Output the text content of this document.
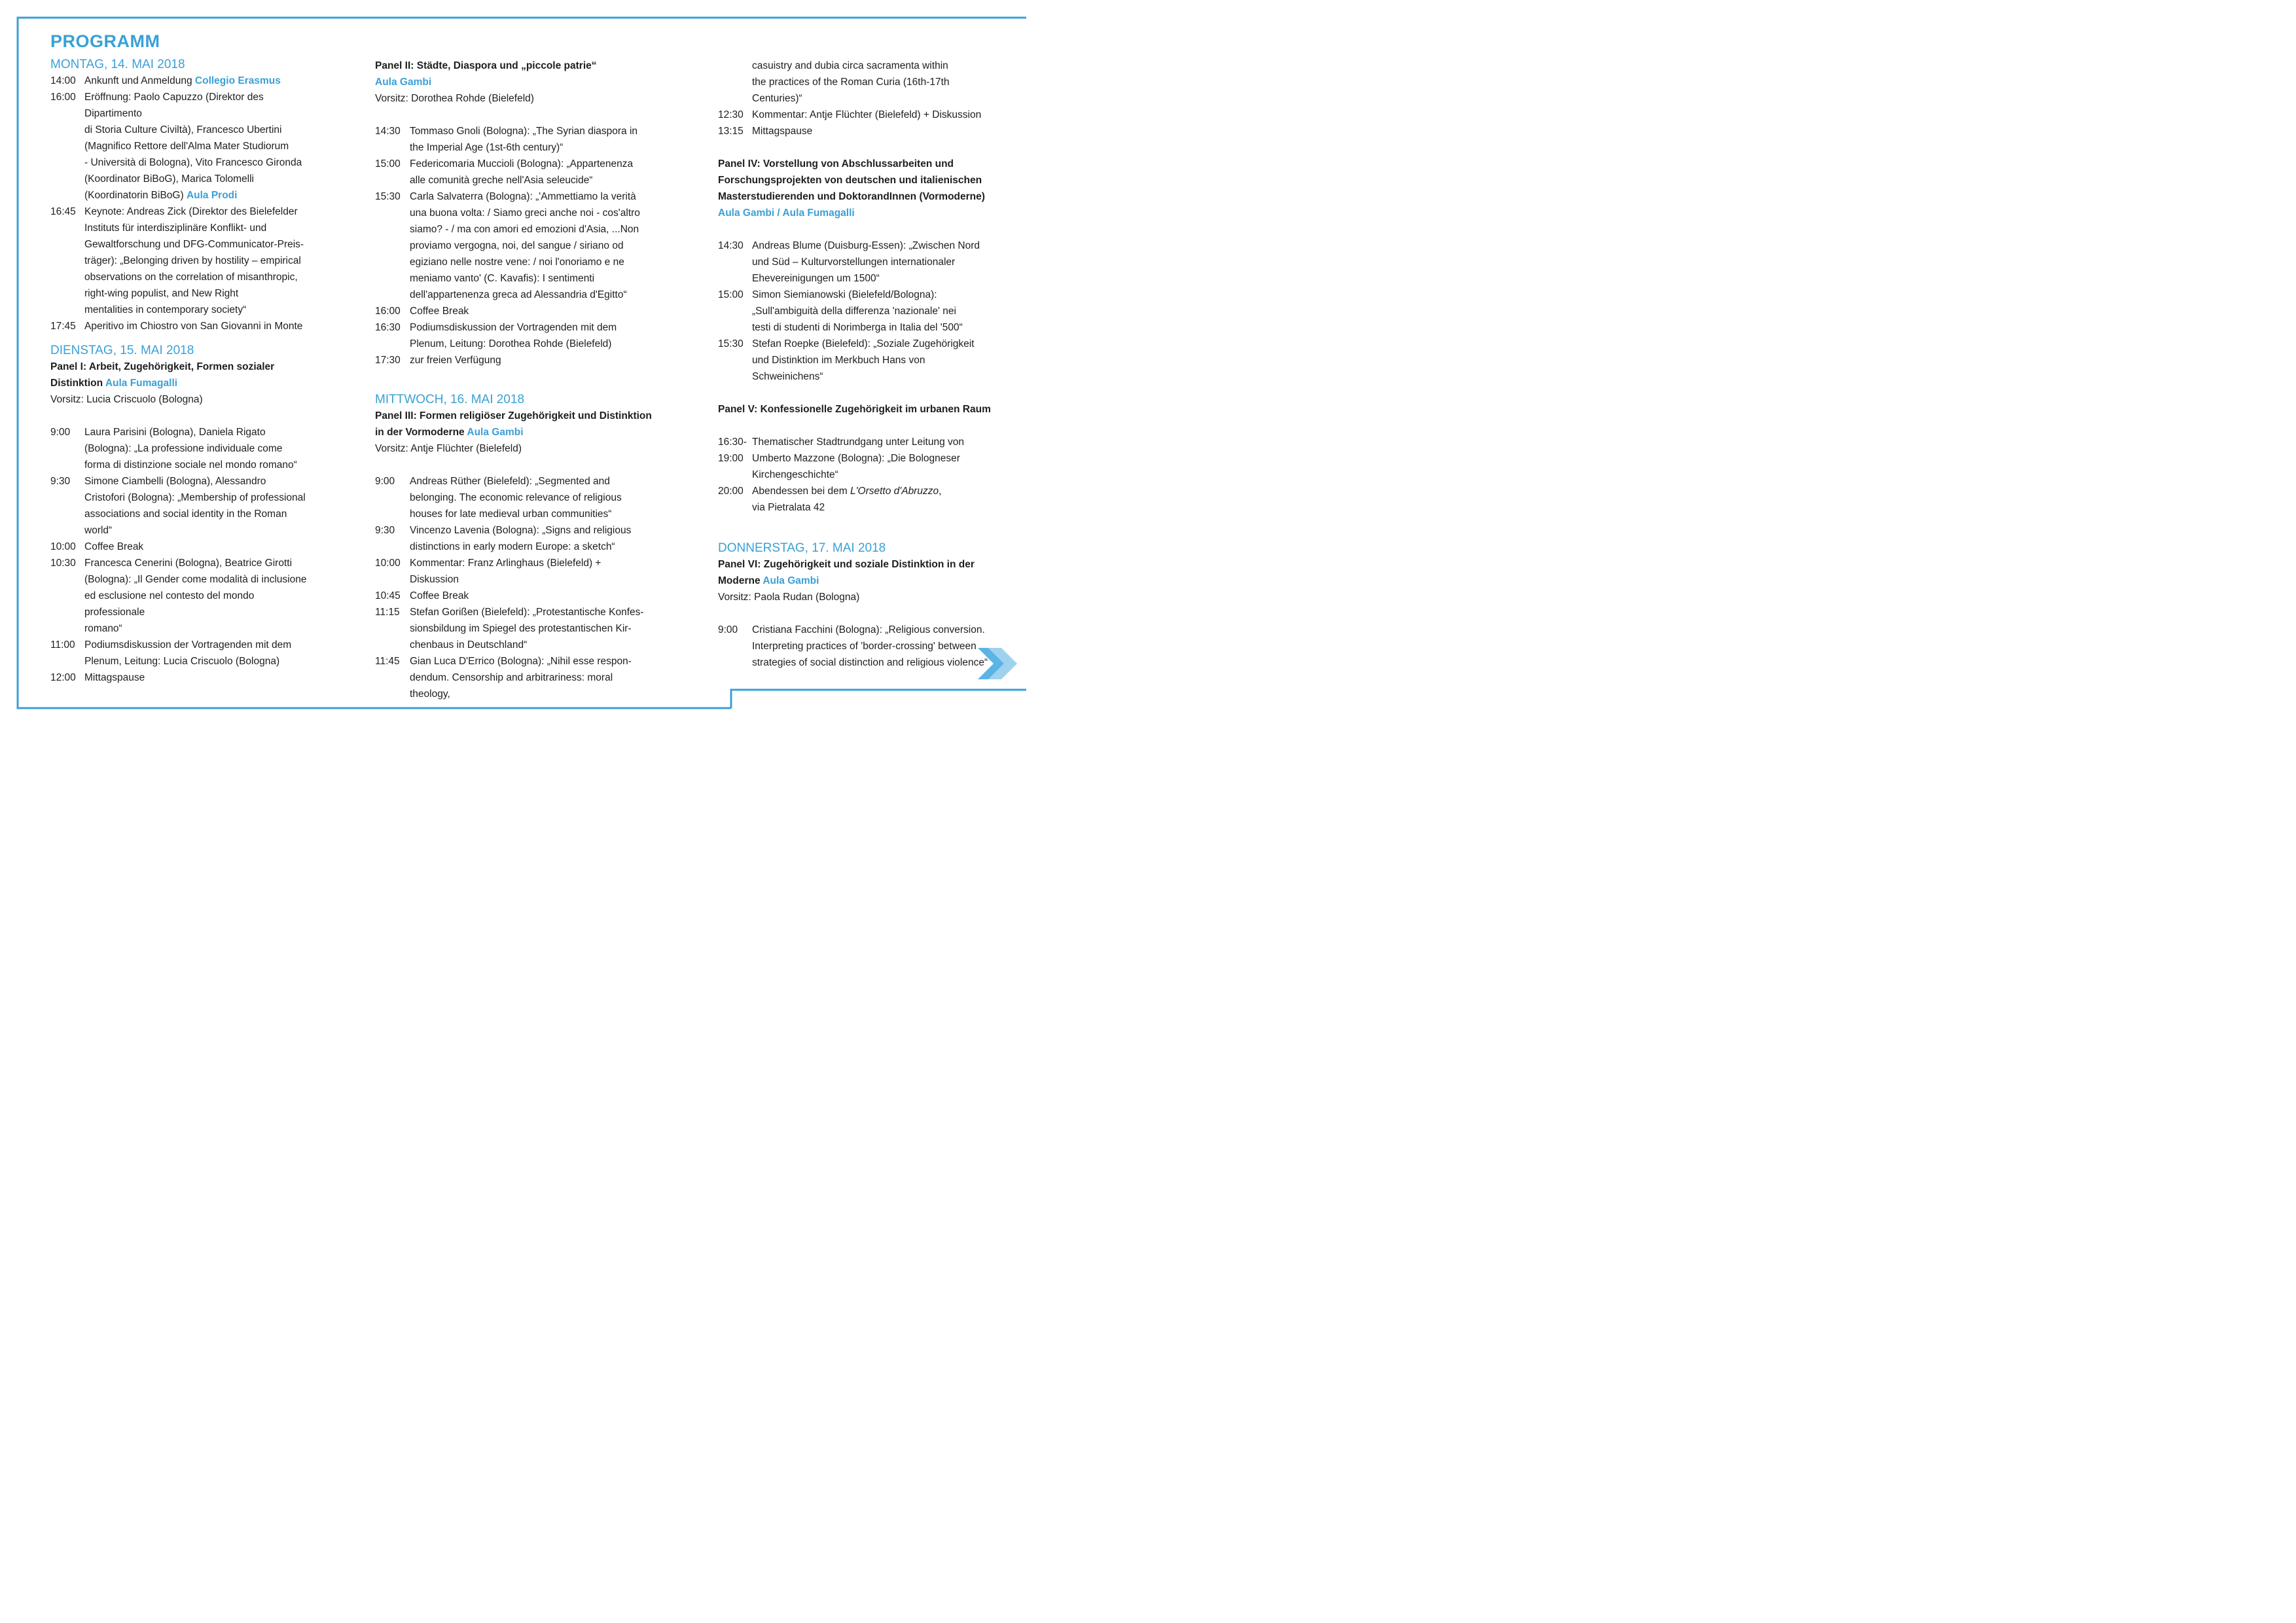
PROGRAMM
MONTAG, 14. MAI 2018
14:00 Ankunft und Anmeldung Collegio Erasmus
16:00 Eröffnung: Paolo Capuzzo (Direktor des Dipartimento
di Storia Culture Civiltà), Francesco Ubertini
(Magnifico Rettore dell'Alma Mater Studiorum
- Università di Bologna), Vito Francesco Gironda
(Koordinator BiBoG), Marica Tolomelli
(Koordinatorin BiBoG) Aula Prodi
16:45 Keynote: Andreas Zick (Direktor des Bielefelder
Instituts für interdisziplinäre Konflikt- und
Gewaltforschung und DFG-Communicator-Preis-
träger): „Belonging driven by hostility – empirical
observations on the correlation of misanthropic,
right-wing populist, and New Right
mentalities in contemporary society“
17:45 Aperitivo im Chiostro von San Giovanni in Monte
DIENSTAG, 15. MAI 2018
Panel I: Arbeit, Zugehörigkeit, Formen sozialer
Distinktion Aula Fumagalli
Vorsitz: Lucia Criscuolo (Bologna)
9:00	Laura Parisini (Bologna), Daniela Rigato
(Bologna): „La professione individuale come
forma di distinzione sociale nel mondo romano“
9:30	Simone Ciambelli (Bologna), Alessandro
Cristofori (Bologna): „Membership of professional
associations and social identity in the Roman
world“
10:00 Coffee Break
10:30 Francesca Cenerini (Bologna), Beatrice Girotti
(Bologna): „Il Gender come modalità di inclusione
ed esclusione nel contesto del mondo professionale
romano“
11:00 Podiumsdiskussion der Vortragenden mit dem
Plenum, Leitung: Lucia Criscuolo (Bologna)
12:00 Mittagspause
Panel II: Städte, Diaspora und „piccole patrie“
Aula Gambi
Vorsitz: Dorothea Rohde (Bielefeld)
14:30 Tommaso Gnoli (Bologna): „The Syrian diaspora in
the Imperial Age (1st-6th century)“
15:00 Federicomaria Muccioli (Bologna): „Appartenenza
alle comunità greche nell'Asia seleucide“
15:30 Carla Salvaterra (Bologna): „'Ammettiamo la verità
una buona volta: / Siamo greci anche noi - cos'altro
siamo? - / ma con amori ed emozioni d'Asia, ...Non
proviamo vergogna, noi, del sangue / siriano od
egiziano nelle nostre vene: / noi l'onoriamo e ne
meniamo vanto' (C. Kavafis): I sentimenti
dell'appartenenza greca ad Alessandria d'Egitto“
16:00 Coffee Break
16:30 Podiumsdiskussion der Vortragenden mit dem
Plenum, Leitung: Dorothea Rohde (Bielefeld)
17:30 zur freien Verfügung
MITTWOCH, 16. MAI 2018
Panel III: Formen religiöser Zugehörigkeit und Distinktion
in der Vormoderne Aula Gambi
Vorsitz: Antje Flüchter (Bielefeld)
9:00	Andreas Rüther (Bielefeld): „Segmented and
belonging. The economic relevance of religious
houses for late medieval urban communities“
9:30	Vincenzo Lavenia (Bologna): „Signs and religious
distinctions in early modern Europe: a sketch“
10:00 Kommentar: Franz Arlinghaus (Bielefeld) +
Diskussion
10:45 Coffee Break
11:15 Stefan Gorißen (Bielefeld): „Protestantische Konfes-
sionsbildung im Spiegel des protestantischen Kir-
chenbaus in Deutschland“
11:45 Gian Luca D'Errico (Bologna): „Nihil esse respon-
dendum. Censorship and arbitrariness: moral theology,
casuistry and dubia circa sacramenta within
the practices of the Roman Curia (16th-17th
Centuries)“
12:30 Kommentar: Antje Flüchter (Bielefeld) + Diskussion
13:15 Mittagspause
Panel IV: Vorstellung von Abschlussarbeiten und
Forschungsprojekten von deutschen und italienischen
Masterstudierenden und DoktorandInnen (Vormoderne)
Aula Gambi / Aula Fumagalli
14:30 Andreas Blume (Duisburg-Essen): „Zwischen Nord
und Süd – Kulturvorstellungen internationaler
Ehevereinigungen um 1500“
15:00 Simon Siemianowski (Bielefeld/Bologna):
„Sull'ambiguità della differenza 'nazionale' nei
testi di studenti di Norimberga in Italia del '500“
15:30 Stefan Roepke (Bielefeld): „Soziale Zugehörigkeit
und Distinktion im Merkbuch Hans von
Schweinichens“
Panel V: Konfessionelle Zugehörigkeit im urbanen Raum
16:30- Thematischer Stadtrundgang unter Leitung von
19:00 Umberto Mazzone (Bologna): „Die Bologneser
Kirchengeschichte“
20:00 Abendessen bei dem L'Orsetto d'Abruzzo,
via Pietralata 42
DONNERSTAG, 17. MAI 2018
Panel VI: Zugehörigkeit und soziale Distinktion in der
Moderne Aula Gambi
Vorsitz: Paola Rudan (Bologna)
9:00	Cristiana Facchini (Bologna): „Religious conversion.
Interpreting practices of 'border-crossing' between
strategies of social distinction and religious violence“
